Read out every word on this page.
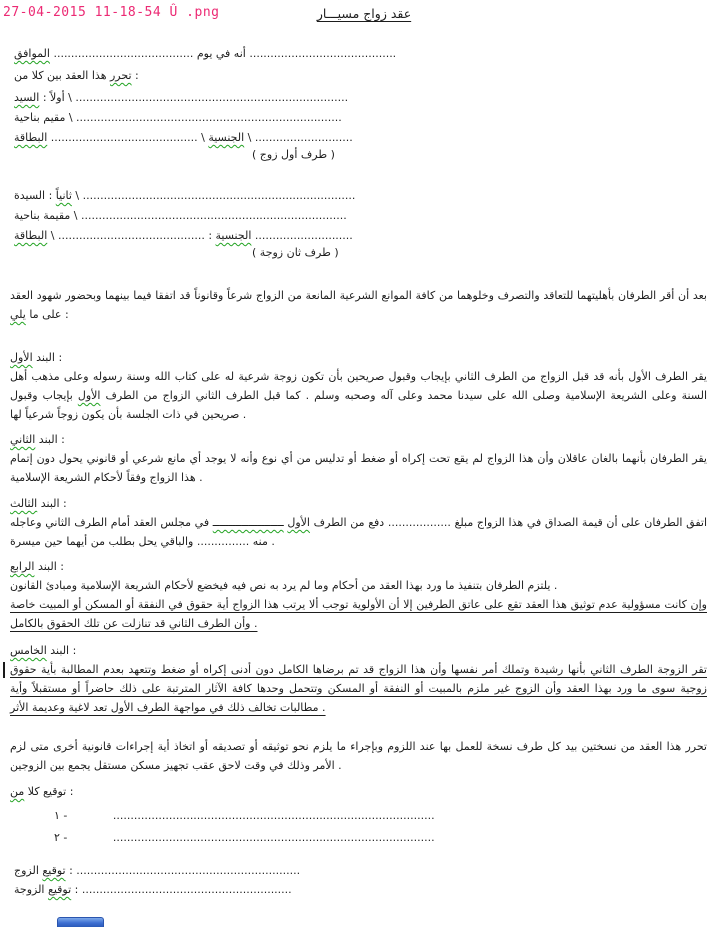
27-04-2015 11-18-54 Û .png	عقد زواج مسيـــار
أنه في يوم ........................................ الموافق	..........................................
تحرر هذا العقد بين كلا من :
أولاً : السيد \ ..............................................................................
مقيم بناحية \ ............................................................................
الجنسية \ .......................................... البطاقة	\ ............................
( طرف أول زوج )
ثانياً : السيدة \ ..............................................................................
مقيمة بناحية \ ............................................................................
الجنسية : .......................................... \ البطاقة	............................
( طرف ثان زوجة )
بعد أن أقر الطرفان بأهليتهما للتعاقد والتصرف وخلوهما من كافة الموانع الشرعية المانعة من الزواج شرعاً وقانوناً قد اتفقا فيما بينهما وبحضور شهود العقد على ما يلي	:
البند الأول :
يقر الطرف الأول بأنه قد قبل الزواج من الطرف الثاني بإيجاب وقبول صريحين بأن تكون زوجة شرعية له على كتاب الله وسنة رسوله وعلى مذهب أهل السنة وعلى الشريعة الإسلامية وصلى الله على سيدنا محمد وعلى آله وصحبه وسلم . كما قبل الطرف الثاني الزواج من الطرف الأول بإيجاب وقبول صريحين في ذات الجلسة بأن يكون زوجاً شرعياً لها .
البند الثاني :
يقر الطرفان بأنهما بالغان عاقلان وأن هذا الزواج لم يقع تحت إكراه أو ضغط أو تدليس من أي نوع وأنه لا يوجد أي مانع شرعي أو قانوني يحول دون إتمام هذا الزواج وفقاً لأحكام الشريعة الإسلامية .
البند الثالث :
اتفق الطرفان على أن قيمة الصداق في هذا الزواج مبلغ .................. دفع من الطرف الأول ــــــــــــــــــــــ في مجلس العقد أمام الطرف الثاني وعاجله منه ............... والباقي يحل بطلب من أيهما حين ميسرة .
البند الرابع :
يلتزم الطرفان بتنفيذ ما ورد بهذا العقد من أحكام وما لم يرد به نص فيه فيخضع لأحكام الشريعة الإسلامية ومبادئ القانون .
وإن كانت مسؤولية عدم توثيق هذا العقد تقع على عاتق الطرفين إلا أن الأولوية توجب ألا يرتب هذا الزواج أية حقوق في النفقة أو المسكن أو المبيت خاصة وأن الطرف الثاني قد تنازلت عن تلك الحقوق بالكامل .
البند الخامس :
تقر الزوجة الطرف الثاني بأنها رشيدة وتملك أمر نفسها وأن هذا الزواج قد تم برضاها الكامل دون أدنى إكراه أو ضغط وتتعهد بعدم المطالبة بأية حقوق زوجية سوى ما ورد بهذا العقد وأن الزوج غير ملزم بالمبيت أو النفقة أو المسكن وتتحمل وحدها كافة الآثار المترتبة على ذلك حاضراً أو مستقبلاً وأية مطالبات تخالف ذلك في مواجهة الطرف الأول تعد لاغية وعديمة الأثر .
تحرر هذا العقد من نسختين بيد كل طرف نسخة للعمل بها عند اللزوم وبإجراء ما يلزم نحو توثيقه أو تصديقه أو اتخاذ أية إجراءات قانونية أخرى متى لزم الأمر وذلك في وقت لاحق عقب تجهيز مسكن مستقل يجمع بين الزوجين .
توقيع كلا من	:
١ -	............................................................................................
٢ -	............................................................................................
توقيع الزوج : ................................................................
توقيع الزوجة : ............................................................
